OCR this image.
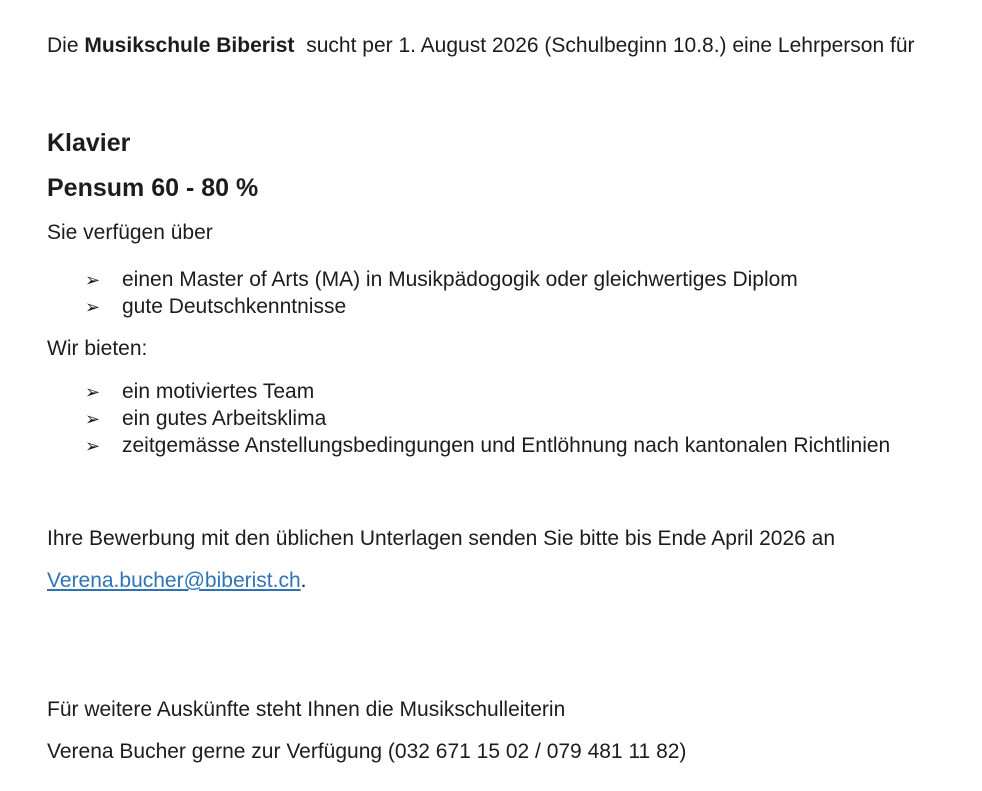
Die Musikschule Biberist sucht per 1. August 2026 (Schulbeginn 10.8.) eine Lehrperson für

Klavier
Pensum 60 - 80 %

Sie verfügen über

➢ einen Master of Arts (MA) in Musikpädogogik oder gleichwertiges Diplom
➢ gute Deutschkenntnisse

Wir bieten:

➢ ein motiviertes Team
➢ ein gutes Arbeitsklima
➢ zeitgemässe Anstellungsbedingungen und Entlöhnung nach kantonalen Richtlinien

Ihre Bewerbung mit den üblichen Unterlagen senden Sie bitte bis Ende April 2026 an

Verena.bucher@biberist.ch.

Für weitere Auskünfte steht Ihnen die Musikschulleiterin

Verena Bucher gerne zur Verfügung (032 671 15 02 / 079 481 11 82)
